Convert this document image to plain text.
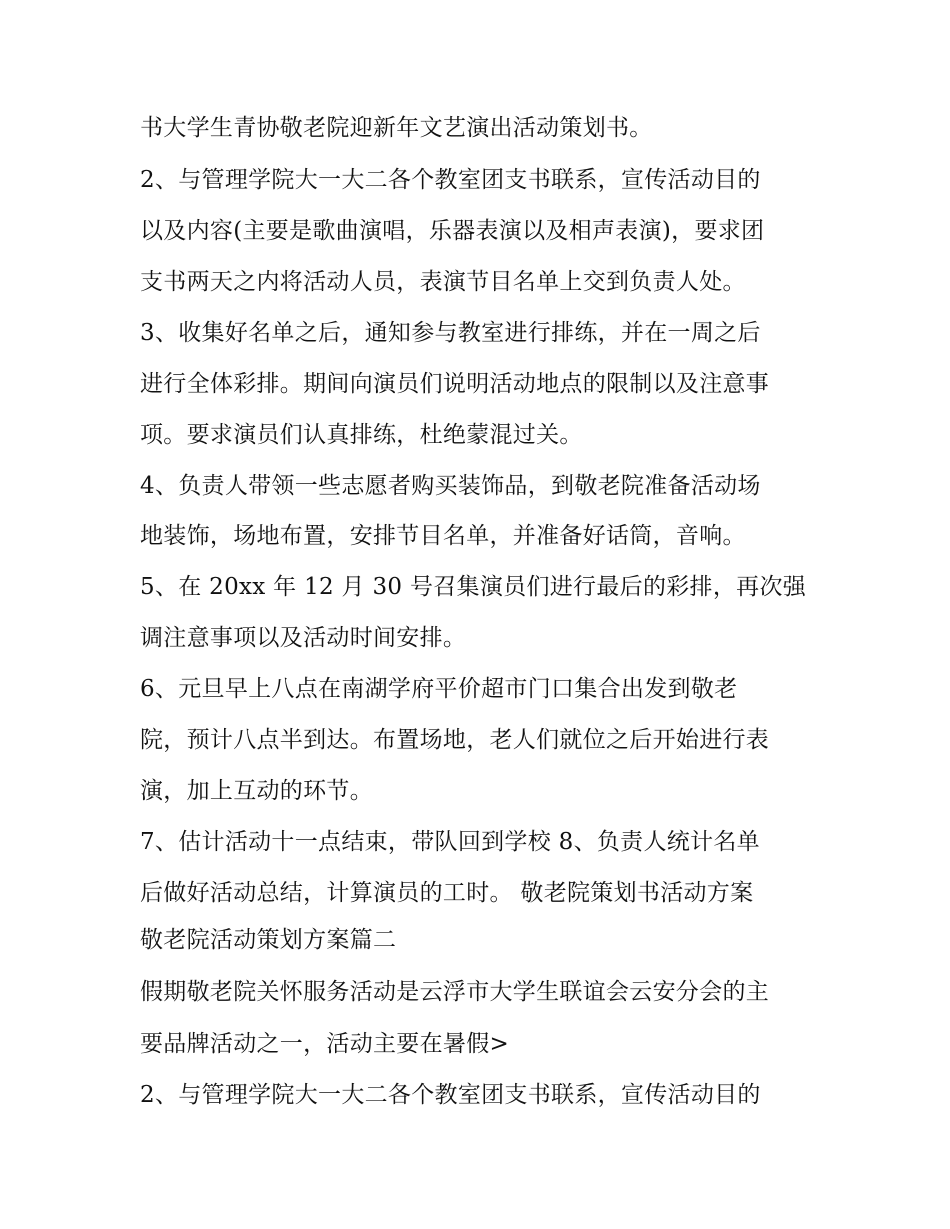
书大学生青协敬老院迎新年文艺演出活动策划书。
2、与管理学院大一大二各个教室团支书联系，宣传活动目的
以及内容(主要是歌曲演唱，乐器表演以及相声表演)，要求团
支书两天之内将活动人员，表演节目名单上交到负责人处。
3、收集好名单之后，通知参与教室进行排练，并在一周之后
进行全体彩排。期间向演员们说明活动地点的限制以及注意事
项。要求演员们认真排练，杜绝蒙混过关。
4、负责人带领一些志愿者购买装饰品，到敬老院准备活动场
地装饰，场地布置，安排节目名单，并准备好话筒，音响。
5、在 20xx 年 12 月 30 号召集演员们进行最后的彩排，再次强
调注意事项以及活动时间安排。
6、元旦早上八点在南湖学府平价超市门口集合出发到敬老
院，预计八点半到达。布置场地，老人们就位之后开始进行表
演，加上互动的环节。
7、估计活动十一点结束，带队回到学校 8、负责人统计名单
后做好活动总结，计算演员的工时。 敬老院策划书活动方案
敬老院活动策划方案篇二
假期敬老院关怀服务活动是云浮市大学生联谊会云安分会的主
要品牌活动之一，活动主要在暑假>
2、与管理学院大一大二各个教室团支书联系，宣传活动目的
